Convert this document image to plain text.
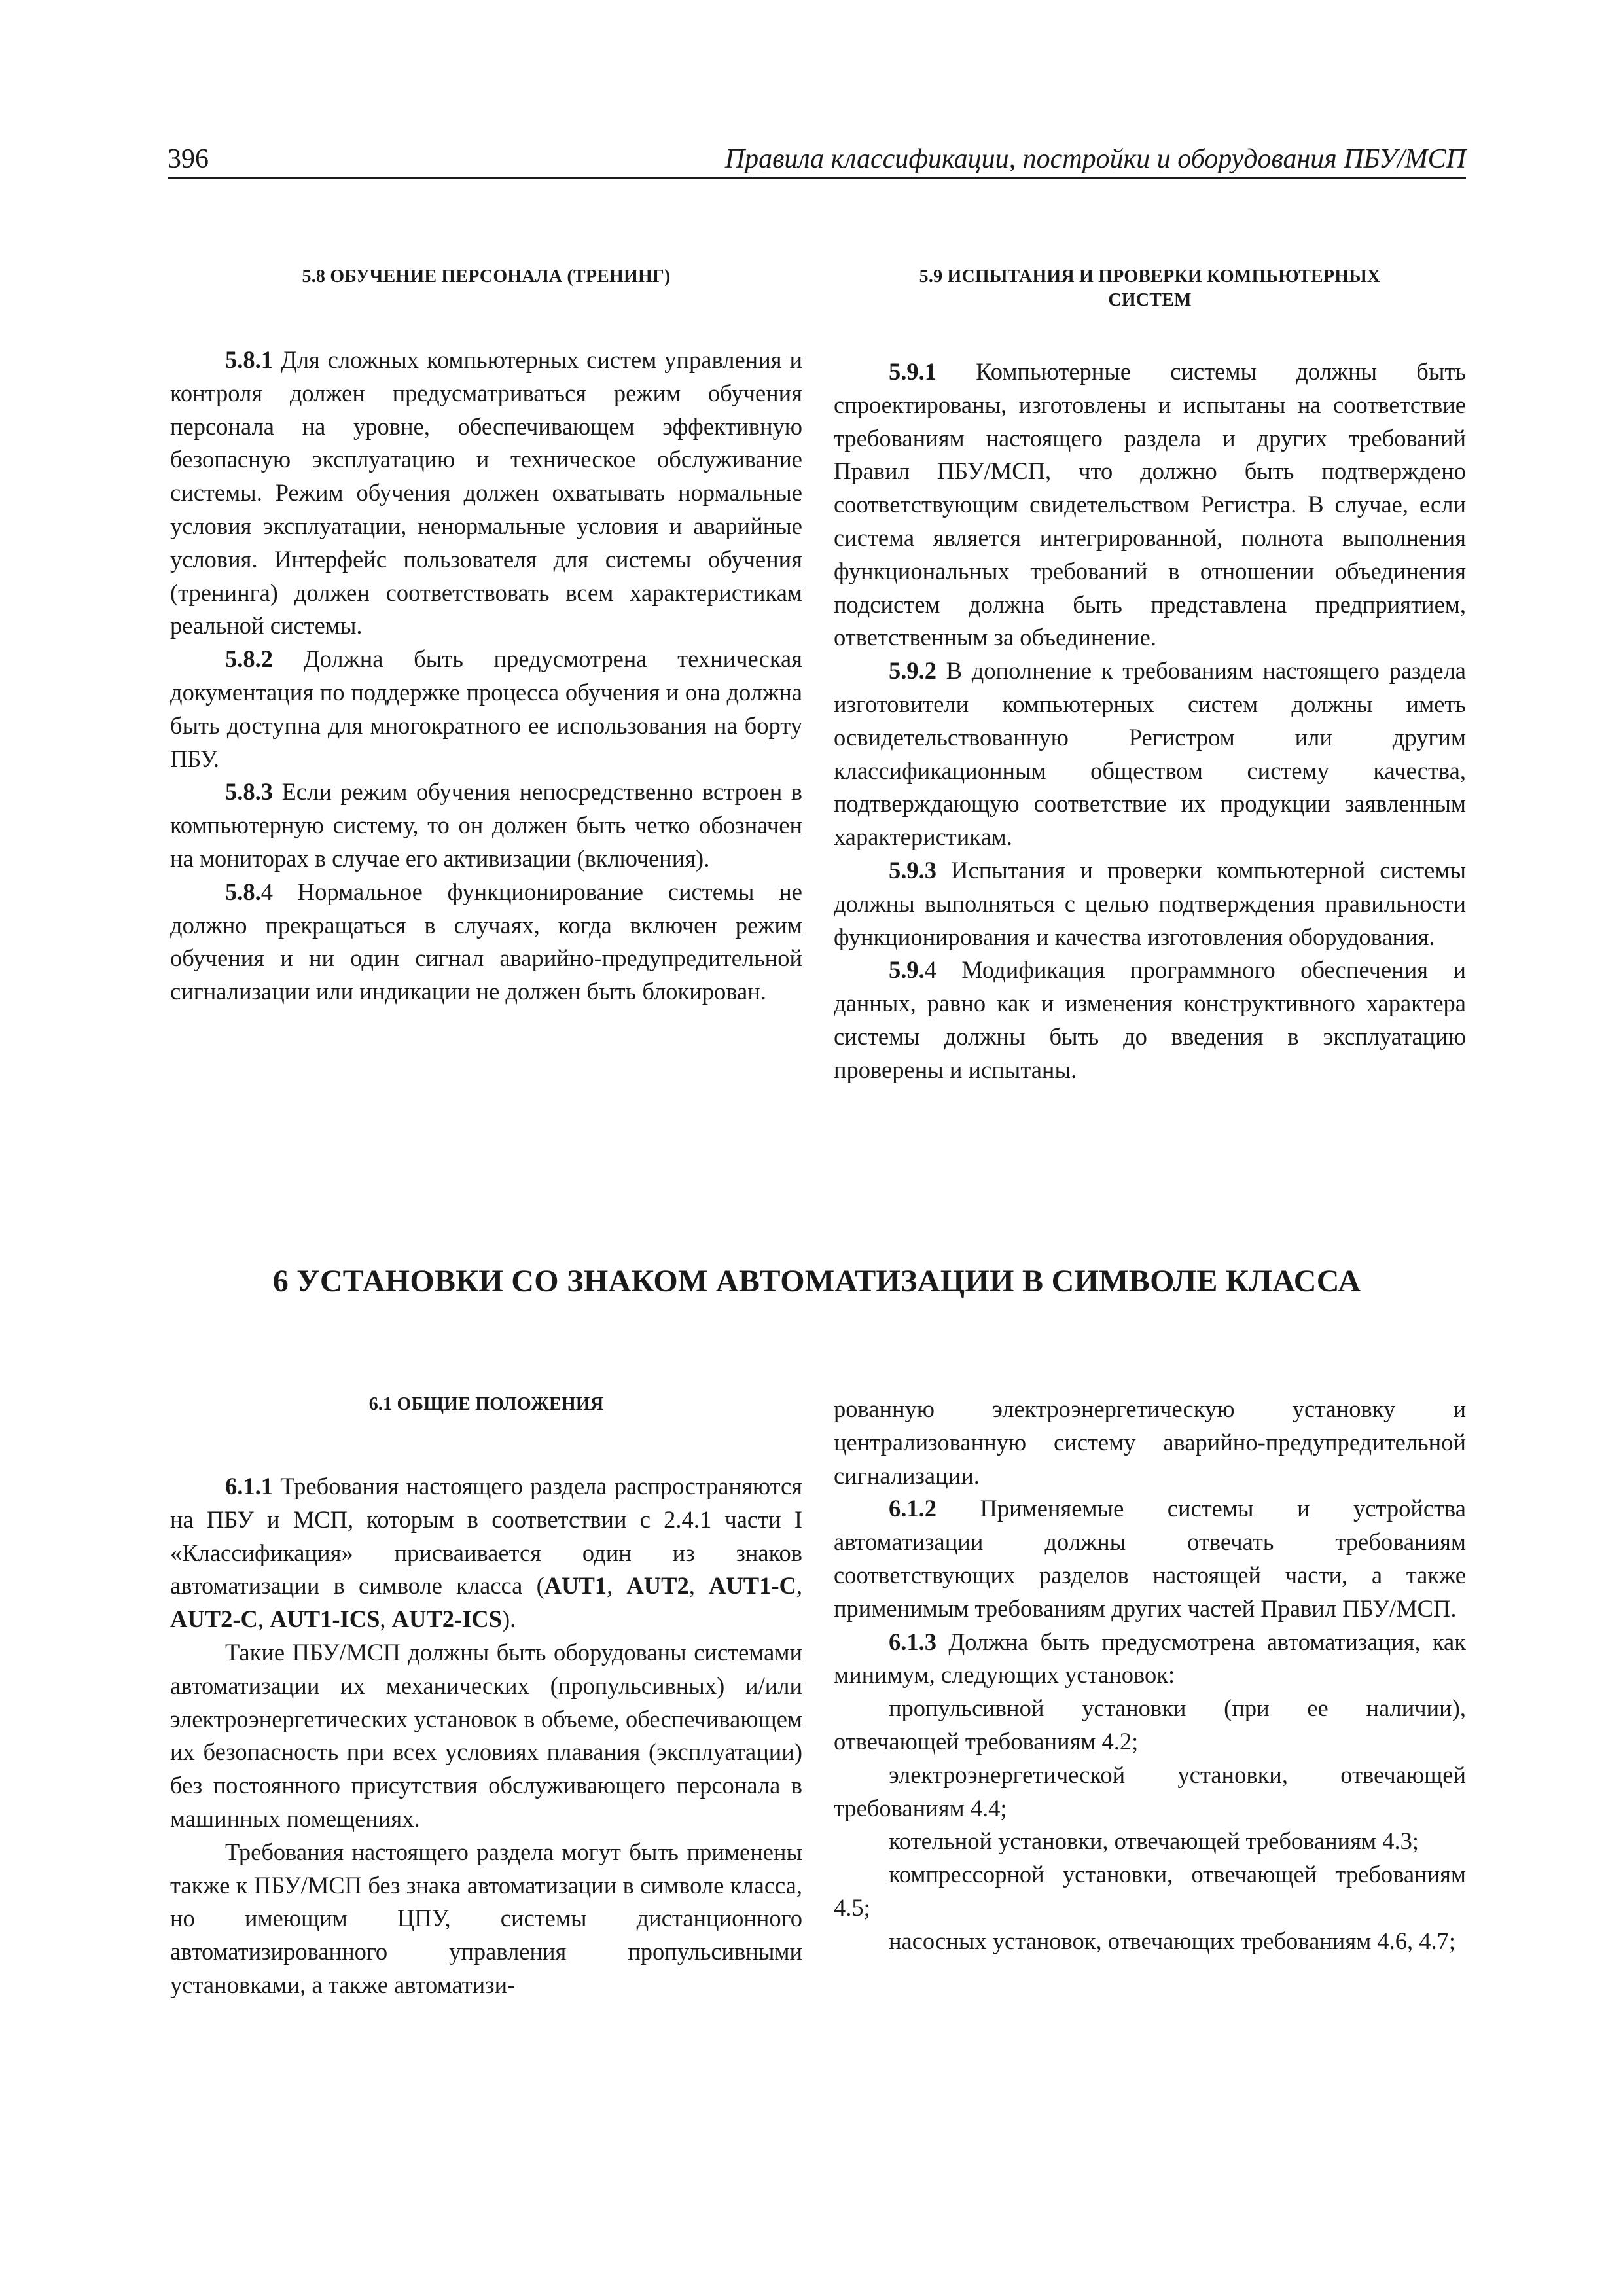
396	Правила классификации, постройки и оборудования ПБУ/МСП

5.8 ОБУЧЕНИЕ ПЕРСОНАЛА (ТРЕНИНГ)

5.8.1 Для сложных компьютерных систем управления и контроля должен предусматриваться режим обучения персонала на уровне, обеспечивающем эффективную безопасную эксплуатацию и техническое обслуживание системы. Режим обучения должен охватывать нормальные условия эксплуатации, ненормальные условия и аварийные условия. Интерфейс пользователя для системы обучения (тренинга) должен соответствовать всем характеристикам реальной системы.

5.8.2 Должна быть предусмотрена техническая документация по поддержке процесса обучения и она должна быть доступна для многократного ее использования на борту ПБУ.

5.8.3 Если режим обучения непосредственно встроен в компьютерную систему, то он должен быть четко обозначен на мониторах в случае его активизации (включения).

5.8.4 Нормальное функционирование системы не должно прекращаться в случаях, когда включен режим обучения и ни один сигнал аварийно-предупредительной сигнализации или индикации не должен быть блокирован.

5.9 ИСПЫТАНИЯ И ПРОВЕРКИ КОМПЬЮТЕРНЫХ
СИСТЕМ

5.9.1 Компьютерные системы должны быть спроектированы, изготовлены и испытаны на соответствие требованиям настоящего раздела и других требований Правил ПБУ/МСП, что должно быть подтверждено соответствующим свидетельством Регистра. В случае, если система является интегрированной, полнота выполнения функциональных требований в отношении объединения подсистем должна быть представлена предприятием, ответственным за объединение.

5.9.2 В дополнение к требованиям настоящего раздела изготовители компьютерных систем должны иметь освидетельствованную Регистром или другим классификационным обществом систему качества, подтверждающую соответствие их продукции заявленным характеристикам.

5.9.3 Испытания и проверки компьютерной системы должны выполняться с целью подтверждения правильности функционирования и качества изготовления оборудования.

5.9.4 Модификация программного обеспечения и данных, равно как и изменения конструктивного характера системы должны быть до введения в эксплуатацию проверены и испытаны.

6 УСТАНОВКИ СО ЗНАКОМ АВТОМАТИЗАЦИИ В СИМВОЛЕ КЛАССА

6.1 ОБЩИЕ ПОЛОЖЕНИЯ

6.1.1 Требования настоящего раздела распространяются на ПБУ и МСП, которым в соответствии с 2.4.1 части I «Классификация» присваивается один из знаков автоматизации в символе класса (AUT1, AUT2, AUT1-C, AUT2-C, AUT1-ICS, AUT2-ICS).

Такие ПБУ/МСП должны быть оборудованы системами автоматизации их механических (пропульсивных) и/или электроэнергетических установок в объеме, обеспечивающем их безопасность при всех условиях плавания (эксплуатации) без постоянного присутствия обслуживающего персонала в машинных помещениях.

Требования настоящего раздела могут быть применены также к ПБУ/МСП без знака автоматизации в символе класса, но имеющим ЦПУ, системы дистанционного автоматизированного управления пропульсивными установками, а также автоматизи-

рованную электроэнергетическую установку и централизованную систему аварийно-предупредительной сигнализации.

6.1.2 Применяемые системы и устройства автоматизации должны отвечать требованиям соответствующих разделов настоящей части, а также применимым требованиям других частей Правил ПБУ/МСП.

6.1.3 Должна быть предусмотрена автоматизация, как минимум, следующих установок:

пропульсивной установки (при ее наличии), отвечающей требованиям 4.2;

электроэнергетической установки, отвечающей требованиям 4.4;

котельной установки, отвечающей требованиям 4.3;

компрессорной установки, отвечающей требованиям 4.5;

насосных установок, отвечающих требованиям 4.6, 4.7;
